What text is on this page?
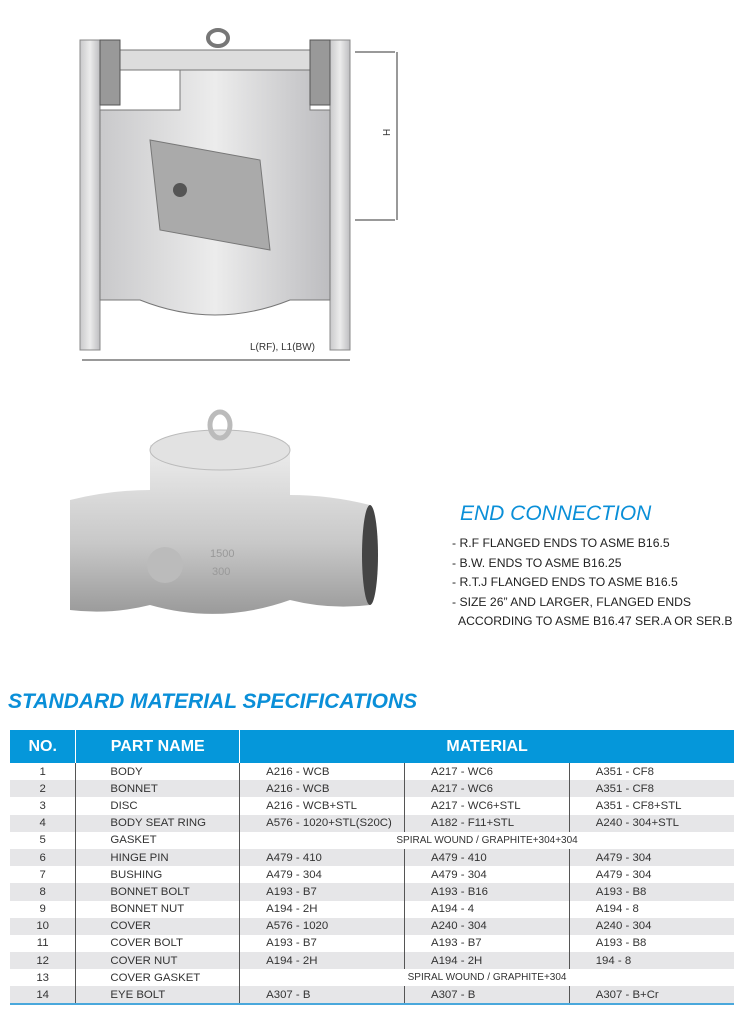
H
L(RF), L1(BW)
1500
300
END CONNECTION
- R.F FLANGED ENDS TO ASME B16.5
- B.W. ENDS TO ASME B16.25
- R.T.J FLANGED ENDS TO ASME B16.5
- SIZE 26” AND LARGER, FLANGED ENDS
ACCORDING TO ASME B16.47 SER.A OR SER.B
STANDARD MATERIAL SPECIFICATIONS
NO.	PART NAME	MATERIAL		
1	BODY	A216 - WCB	A217 - WC6	A351 - CF8
2	BONNET	A216 - WCB	A217 - WC6	A351 - CF8
3	DISC	A216 - WCB+STL	A217 - WC6+STL	A351 - CF8+STL
4	BODY SEAT RING	A576 - 1020+STL(S20C)	A182 - F11+STL	A240 - 304+STL
5	GASKET	SPIRAL WOUND / GRAPHITE+304+304		
6	HINGE PIN	A479 - 410	A479 - 410	A479 - 304
7	BUSHING	A479 - 304	A479 - 304	A479 - 304
8	BONNET BOLT	A193 - B7	A193 - B16	A193 - B8
9	BONNET NUT	A194 - 2H	A194 - 4	A194 - 8
10	COVER	A576 - 1020	A240 - 304	A240 - 304
11	COVER BOLT	A193 - B7	A193 - B7	A193 - B8
12	COVER NUT	A194 - 2H	A194 - 2H	194 - 8
13	COVER GASKET	SPIRAL WOUND / GRAPHITE+304		
14	EYE BOLT	A307 - B	A307 - B	A307 - B+Cr
